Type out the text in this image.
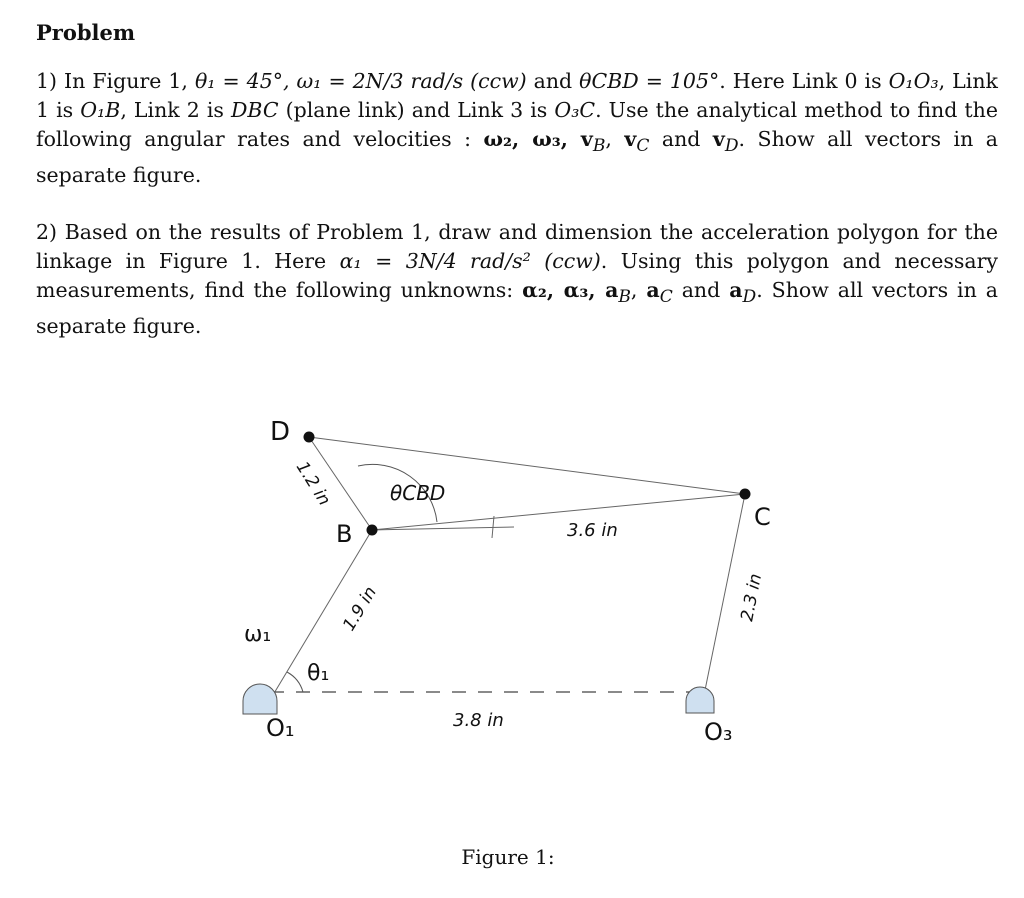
Problem

1) In Figure 1, θ₁ = 45°, ω₁ = 2N/3 rad/s (ccw) and θCBD = 105°. Here Link 0 is O₁O₃, Link 1 is O₁B, Link 2 is DBC (plane link) and Link 3 is O₃C. Use the analytical method to find the following angular rates and velocities : ω₂, ω₃, $v_B$, $v_C$ and $v_D$. Show all vectors in a separate figure.

2) Based on the results of Problem 1, draw and dimension the acceleration polygon for the linkage in Figure 1. Here α₁ = 3N/4 rad/s² (ccw). Using this polygon and necessary measurements, find the following unknowns: α₂, α₃, $a_B$, $a_C$ and $a_D$. Show all vectors in a separate figure.

D
B
C
O₁	O₃
ω₁
θ₁
θCBD
1.2 in
1.9 in
3.6 in
2.3 in
3.8 in
Figure 1:
